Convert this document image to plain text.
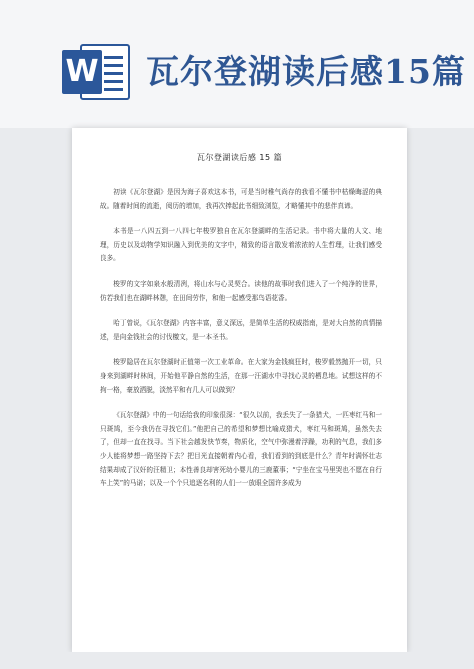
W 瓦尔登湖读后感15篇
瓦尔登湖读后感 15 篇

初读《瓦尔登湖》是因为海子喜欢这本书，可是当时稚气尚存的我看不懂书中枯燥晦涩的典故。随着时间的流逝，阅历的增加，我再次捧起此书细致浏览，才略懂其中的悲伴真谛。

本书是一八四五到一八四七年梭罗独自在瓦尔登湖畔的生活记录。书中将大量的人文、地理，历史以及动物学知识融入到优美的文字中，精致的语言散发着浓浓的人生哲理，让我们感受良多。

梭罗的文字如泉水般清冽，将山水与心灵契合。读他的故事时我们进入了一个纯净的世界，仿若我们也在湖畔林憩，在田间劳作，和他一起感受那鸟语花香。

哈丁曾说，《瓦尔登湖》内容丰富，意义深远，是简单生活的权威指南，是对大自然的真情描述，是向金钱社会的讨伐檄文，是一本圣书。

梭罗隐居在瓦尔登湖时正值第一次工业革命。在大家为金钱疯狂时，梭罗毅然抛开一切，只身来到湖畔时林间，开始他平静自然的生活，在那一汪湖水中寻找心灵的栖息地。试想这样的不拘一格，豪放洒脱，淡然平和有几人可以做到？

《瓦尔登湖》中的一句话给我的印象很深：“很久以前，我丢失了一条猎犬，一匹枣红马和一只斑鸠，至今我仍在寻找它们。”他把自己的希望和梦想比喻成猎犬，枣红马和斑鸠，虽然失去了，但却一直在找寻。当下社会越发快节奏，物质化，空气中弥漫着浮躁，功利的气息，我们多少人能将梦想一路坚持下去？把目光直接朝着内心看，我们看到的到底是什么？青年时满怀壮志结果却成了汉奸的汪精卫；本性善良却害死幼小婴儿的三鹿董事；“宁坐在宝马里哭也不愿在自行车上笑”的马诺；以及一个个只追逐名利的人们一一放眼全国许多成为
